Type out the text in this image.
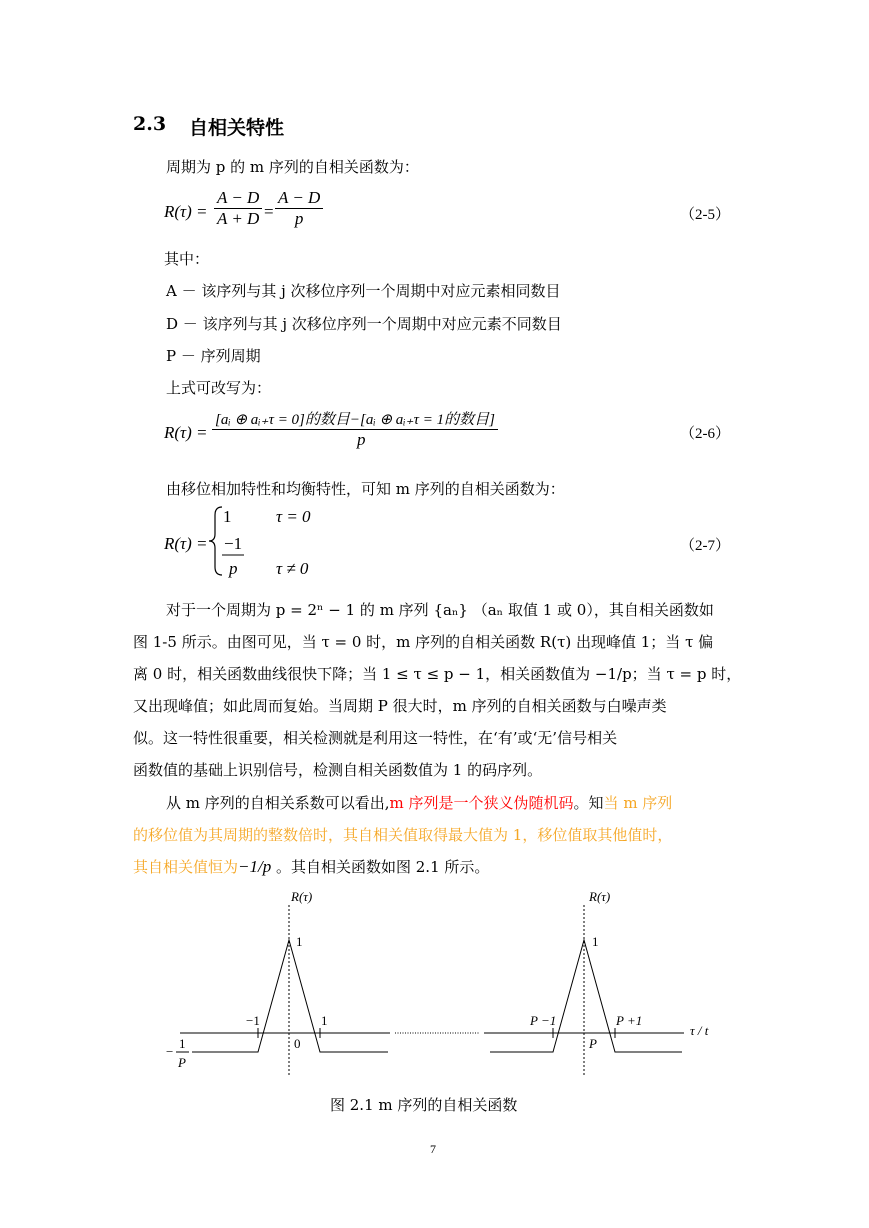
2.3 自相关特性
周期为 p 的 m 序列的自相关函数为：
$R(\tau) = \frac{A - D}{A + D} = \frac{A - D}{p}$	（2-5）
其中：
A － 该序列与其 j 次移位序列一个周期中对应元素相同数目
D － 该序列与其 j 次移位序列一个周期中对应元素不同数目
P － 序列周期
上式可改写为：
R(τ) =
[aᵢ ⊕ aᵢ₊τ = 0]的数目−[aᵢ ⊕ aᵢ₊τ = 1的数目]
p	（2-6）
由移位相加特性和均衡特性，可知 m 序列的自相关函数为：
R(τ) =
1	τ = 0
−1
p τ ≠ 0
（2-7）
对于一个周期为 p = 2ⁿ − 1 的 m 序列 {aₙ} （aₙ 取值 1 或 0），其自相关函数如
图 1-5 所示。由图可见，当 τ = 0 时，m 序列的自相关函数 R(τ) 出现峰值 1；当 τ 偏
离 0 时，相关函数曲线很快下降；当 1 ≤ τ ≤ p − 1，相关函数值为 −1/p；当 τ = p 时，
又出现峰值；如此周而复始。当周期 P 很大时，m 序列的自相关函数与白噪声类
似。这一特性很重要，相关检测就是利用这一特性，在‘有’或‘无’信号相关
函数值的基础上识别信号，检测自相关函数值为 1 的码序列。
从 m 序列的自相关系数可以看出,m 序列是一个狭义伪随机码。知当 m 序列
的移位值为其周期的整数倍时，其自相关值取得最大值为 1，移位值取其他值时，
其自相关值恒为−1/p 。其自相关函数如图 2.1 所示。
R(τ)
1
−1	1
0
−
1
P
R(τ)
1
P −1	P +1
P
τ / t
图 2.1 m 序列的自相关函数
7
